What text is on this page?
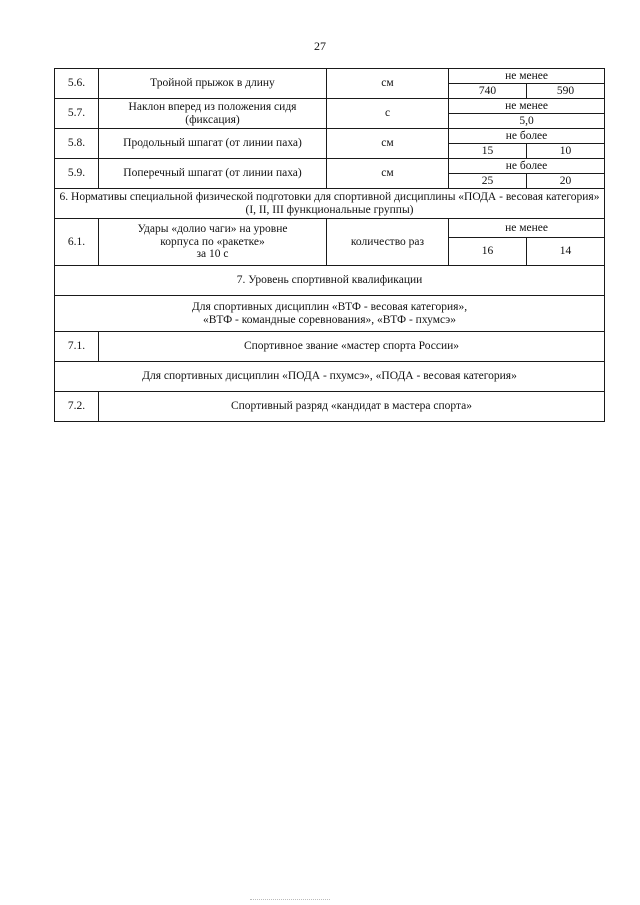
27
5.6.	Тройной прыжок в длину	см	не менее	
			740	590
5.7.	Наклон вперед из положения сидя (фиксация)	с	не менее	
			5,0	
5.8.	Продольный шпагат (от линии паха)	см	не более	
			15	10
5.9.	Поперечный шпагат (от линии паха)	см	не более	
			25	20
6. Нормативы специальной физической подготовки для спортивной дисциплины «ПОДА - весовая категория» (I, II, III функциональные группы)				
6.1.	Удары «долио чаги» на уровне
корпуса по «ракетке»
за 10 с	количество раз	не менее	
			16	14
7. Уровень спортивной квалификации				

Для спортивных дисциплин «ВТФ - весовая категория»,
«ВТФ - командные соревнования», «ВТФ - пхумсэ»				

7.1.	Спортивное звание «мастер спорта России»			
Для спортивных дисциплин «ПОДА - пхумсэ», «ПОДА - весовая категория»				
7.2.	Спортивный разряд «кандидат в мастера спорта»			
